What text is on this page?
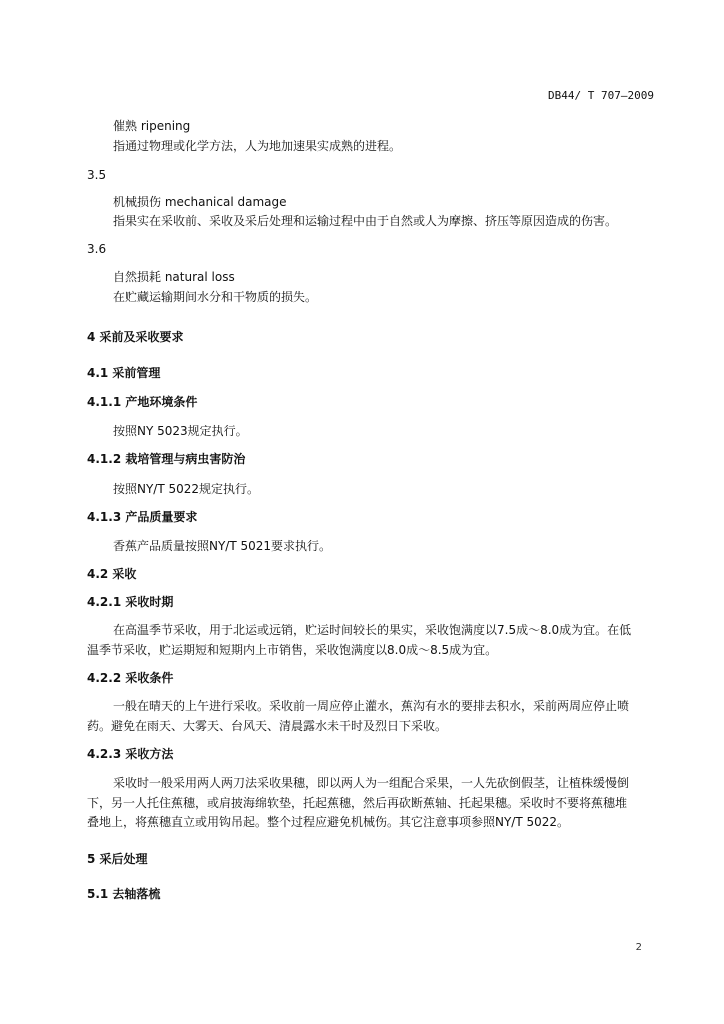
DB44/ T 707—2009
催熟 ripening
指通过物理或化学方法，人为地加速果实成熟的进程。
3.5
机械损伤 mechanical damage
指果实在采收前、采收及采后处理和运输过程中由于自然或人为摩擦、挤压等原因造成的伤害。
3.6
自然损耗 natural loss
在贮藏运输期间水分和干物质的损失。
4 采前及采收要求
4.1 采前管理
4.1.1 产地环境条件
按照NY 5023规定执行。
4.1.2 栽培管理与病虫害防治
按照NY/T 5022规定执行。
4.1.3 产品质量要求
香蕉产品质量按照NY/T 5021要求执行。
4.2 采收
4.2.1 采收时期
在高温季节采收，用于北运或远销，贮运时间较长的果实，采收饱满度以7.5成～8.0成为宜。在低
温季节采收，贮运期短和短期内上市销售，采收饱满度以8.0成～8.5成为宜。
4.2.2 采收条件
一般在晴天的上午进行采收。采收前一周应停止灌水，蕉沟有水的要排去积水，采前两周应停止喷
药。避免在雨天、大雾天、台风天、清晨露水未干时及烈日下采收。
4.2.3 采收方法
采收时一般采用两人两刀法采收果穗，即以两人为一组配合采果，一人先砍倒假茎，让植株缓慢倒
下，另一人托住蕉穗，或肩披海绵软垫，托起蕉穗，然后再砍断蕉轴、托起果穗。采收时不要将蕉穗堆
叠地上，将蕉穗直立或用钩吊起。整个过程应避免机械伤。其它注意事项参照NY/T 5022。
5 采后处理
5.1 去轴落梳
2
